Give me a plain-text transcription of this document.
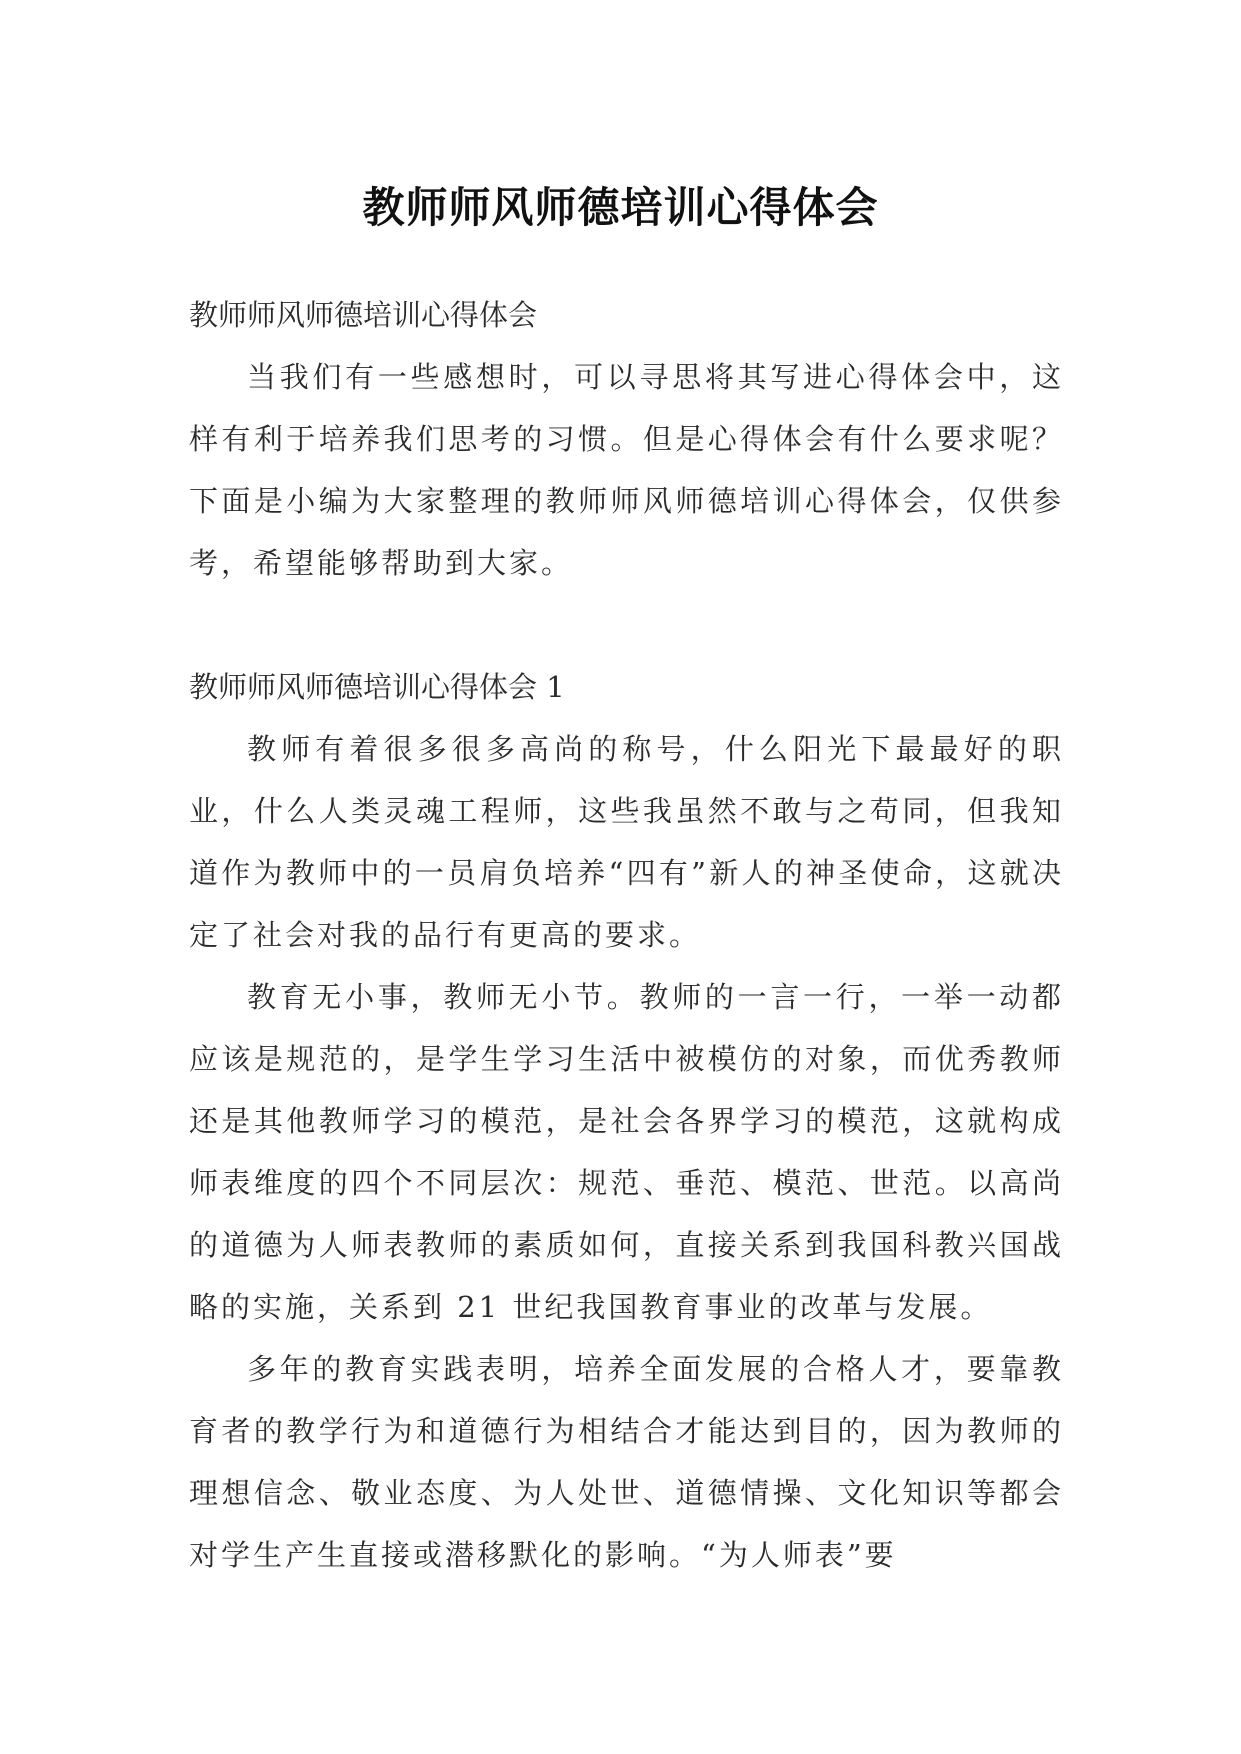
教师师风师德培训心得体会

教师师风师德培训心得体会

当我们有一些感想时，可以寻思将其写进心得体会中，这样有利于培养我们思考的习惯。但是心得体会有什么要求呢？下面是小编为大家整理的教师师风师德培训心得体会，仅供参考，希望能够帮助到大家。

教师师风师德培训心得体会 1

教师有着很多很多高尚的称号，什么阳光下最最好的职业，什么人类灵魂工程师，这些我虽然不敢与之苟同，但我知道作为教师中的一员肩负培养“四有”新人的神圣使命，这就决定了社会对我的品行有更高的要求。

教育无小事，教师无小节。教师的一言一行，一举一动都应该是规范的，是学生学习生活中被模仿的对象，而优秀教师还是其他教师学习的模范，是社会各界学习的模范，这就构成师表维度的四个不同层次：规范、垂范、模范、世范。以高尚的道德为人师表教师的素质如何，直接关系到我国科教兴国战略的实施，关系到 21 世纪我国教育事业的改革与发展。

多年的教育实践表明，培养全面发展的合格人才，要靠教育者的教学行为和道德行为相结合才能达到目的，因为教师的理想信念、敬业态度、为人处世、道德情操、文化知识等都会对学生产生直接或潜移默化的影响。“为人师表”要
